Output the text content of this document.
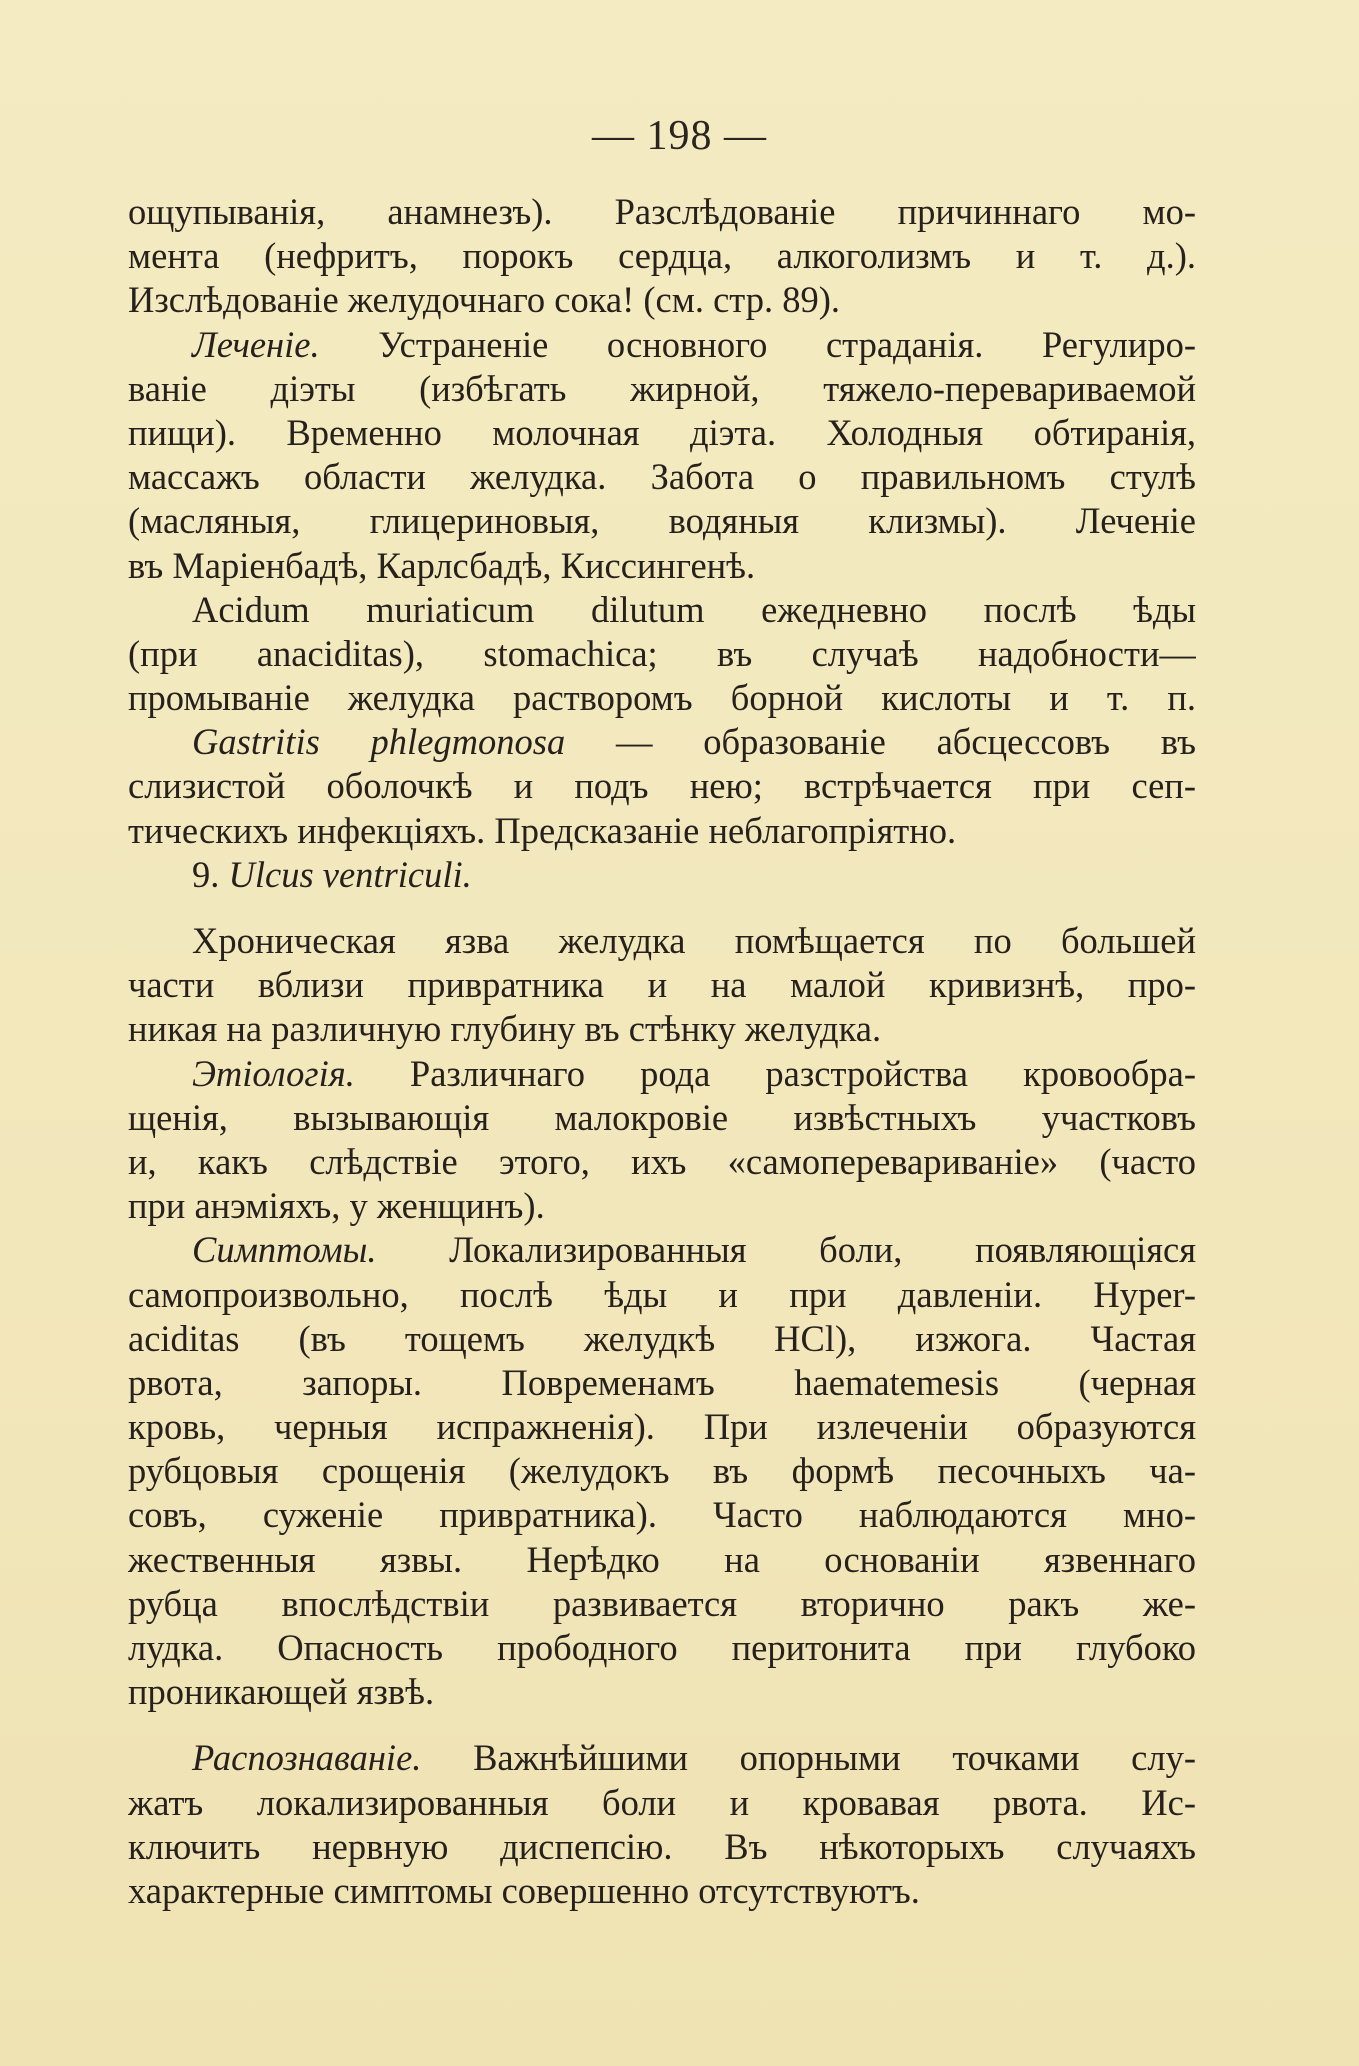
— 198 —
ощупыванія, анамнезъ). Разслѣдованіе причиннаго мо-
мента (нефритъ, порокъ сердца, алкоголизмъ и т. д.).
Изслѣдованіе желудочнаго сока! (см. стр. 89).
Леченіе. Устраненіе основного страданія. Регулиро-
ваніе діэты (избѣгать жирной, тяжело-перевариваемой
пищи). Временно молочная діэта. Холодныя обтиранія,
массажъ области желудка. Забота о правильномъ стулѣ
(масляныя, глицериновыя, водяныя клизмы). Леченіе
въ Маріенбадѣ, Карлсбадѣ, Киссингенѣ.
Acidum muriaticum dilutum ежедневно послѣ ѣды
(при anaciditas), stomachica; въ случаѣ надобности—
промываніе желудка растворомъ борной кислоты и т. п.
Gastritis phlegmonosa — образованіе абсцессовъ въ
слизистой оболочкѣ и подъ нею; встрѣчается при сеп-
тическихъ инфекціяхъ. Предсказаніе неблагопріятно.
9. Ulcus ventriculi.
Хроническая язва желудка помѣщается по большей
части вблизи привратника и на малой кривизнѣ, про-
никая на различную глубину въ стѣнку желудка.
Этіологія. Различнаго рода разстройства кровообра-
щенія, вызывающія малокровіе извѣстныхъ участковъ
и, какъ слѣдствіе этого, ихъ «самоперевариваніе» (часто
при анэміяхъ, у женщинъ).
Симптомы. Локализированныя боли, появляющіяся
самопроизвольно, послѣ ѣды и при давленіи. Hyper-
aciditas (въ тощемъ желудкѣ HCl), изжога. Частая
рвота, запоры. Повременамъ haematemesis (черная
кровь, черныя испражненія). При излеченіи образуются
рубцовыя срощенія (желудокъ въ формѣ песочныхъ ча-
совъ, суженіе привратника). Часто наблюдаются мно-
жественныя язвы. Нерѣдко на основаніи язвеннаго
рубца впослѣдствіи развивается вторично ракъ же-
лудка. Опасность прободного перитонита при глубоко
проникающей язвѣ.
Распознаваніе. Важнѣйшими опорными точками слу-
жатъ локализированныя боли и кровавая рвота. Ис-
ключить нервную диспепсію. Въ нѣкоторыхъ случаяхъ
характерные симптомы совершенно отсутствуютъ.
